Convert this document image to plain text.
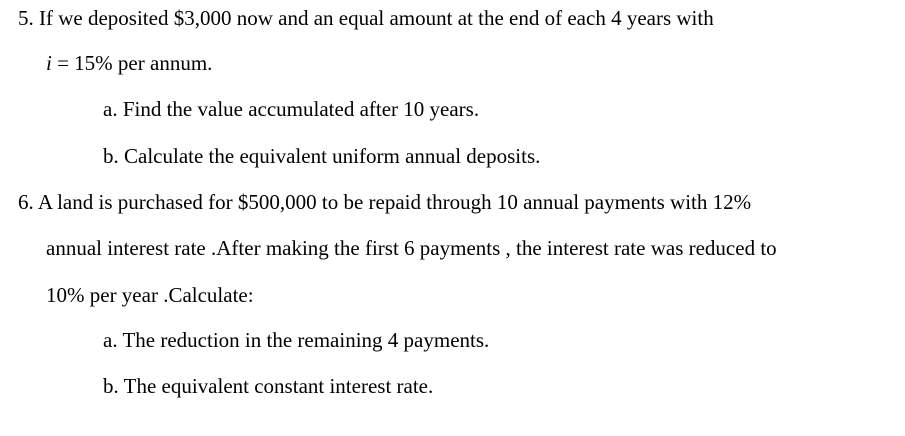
5. If we deposited $3,000 now and an equal amount at the end of each 4 years with
i = 15% per annum.
a. Find the value accumulated after 10 years.
b. Calculate the equivalent uniform annual deposits.
6. A land is purchased for $500,000 to be repaid through 10 annual payments with 12%
annual interest rate .After making the first 6 payments , the interest rate was reduced to
10% per year .Calculate:
a. The reduction in the remaining 4 payments.
b. The equivalent constant interest rate.
